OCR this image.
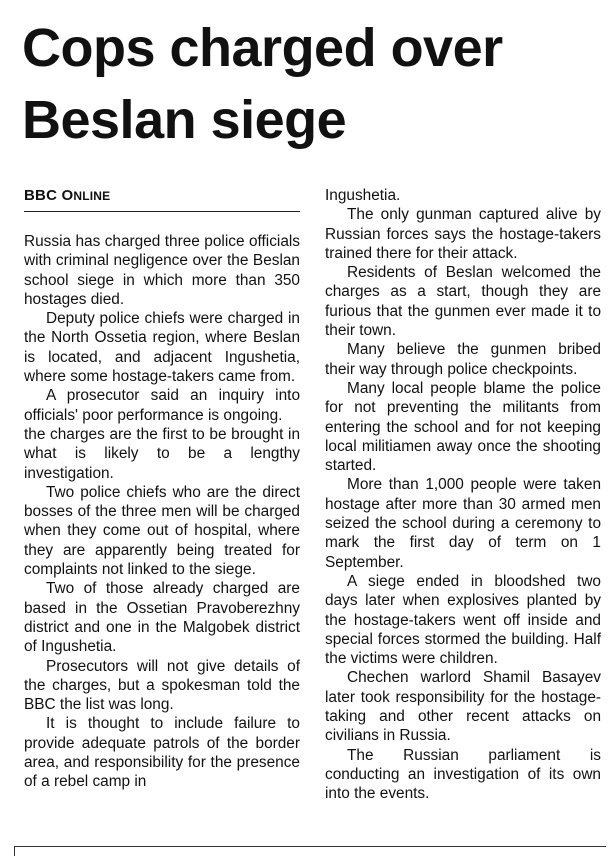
Cops charged over
Beslan siege
BBC ONLINE

Russia has charged three police officials with criminal negligence over the Beslan school siege in which more than 350 hostages died.

Deputy police chiefs were charged in the North Ossetia region, where Beslan is located, and adjacent Ingushetia, where some hostage-takers came from.

A prosecutor said an inquiry into officials' poor performance is ongoing.

the charges are the first to be brought in what is likely to be a lengthy investigation.

Two police chiefs who are the direct bosses of the three men will be charged when they come out of hospital, where they are apparently being treated for complaints not linked to the siege.

Two of those already charged are based in the Ossetian Pravoberezhny district and one in the Malgobek district of Ingushetia.

Prosecutors will not give details of the charges, but a spokesman told the BBC the list was long.

It is thought to include failure to provide adequate patrols of the border area, and responsibility for the presence of a rebel camp in

Ingushetia.

The only gunman captured alive by Russian forces says the hostage-takers trained there for their attack.

Residents of Beslan welcomed the charges as a start, though they are furious that the gunmen ever made it to their town.

Many believe the gunmen bribed their way through police checkpoints.

Many local people blame the police for not preventing the militants from entering the school and for not keeping local militiamen away once the shooting started.

More than 1,000 people were taken hostage after more than 30 armed men seized the school during a ceremony to mark the first day of term on 1 September.

A siege ended in bloodshed two days later when explosives planted by the hostage-takers went off inside and special forces stormed the building. Half the victims were children.

Chechen warlord Shamil Basayev later took responsibility for the hostage-taking and other recent attacks on civilians in Russia.

The Russian parliament is conducting an investigation of its own into the events.
